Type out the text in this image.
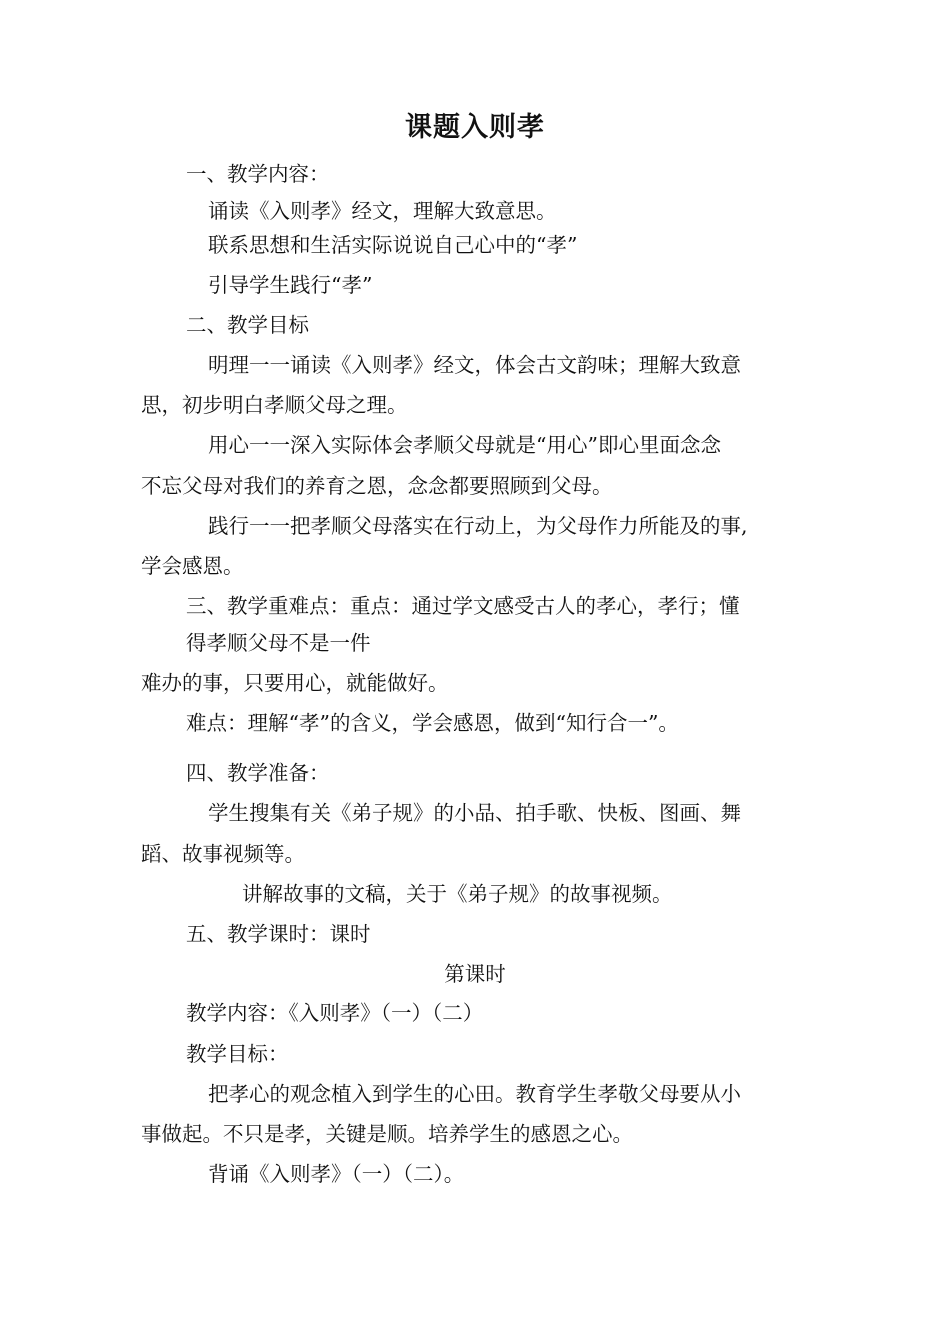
课题入则孝
一、教学内容：
诵读《入则孝》经文，理解大致意思。
联系思想和生活实际说说自己心中的“孝”
引导学生践行“孝”
二、教学目标
明理一一诵读《入则孝》经文，体会古文韵味；理解大致意
思，初步明白孝顺父母之理。
用心一一深入实际体会孝顺父母就是“用心”即心里面念念
不忘父母对我们的养育之恩，念念都要照顾到父母。
践行一一把孝顺父母落实在行动上，为父母作力所能及的事,
学会感恩。
三、教学重难点：重点：通过学文感受古人的孝心，孝行；懂
得孝顺父母不是一件
难办的事，只要用心，就能做好。
难点：理解“孝”的含义，学会感恩，做到“知行合一”。
四、教学准备：
学生搜集有关《弟子规》的小品、拍手歌、快板、图画、舞
蹈、故事视频等。
讲解故事的文稿，关于《弟子规》的故事视频。
五、教学课时：课时
第课时
教学内容：《入则孝》（一）（二）
教学目标：
把孝心的观念植入到学生的心田。教育学生孝敬父母要从小
事做起。不只是孝，关键是顺。培养学生的感恩之心。
背诵《入则孝》（一）（二）。
